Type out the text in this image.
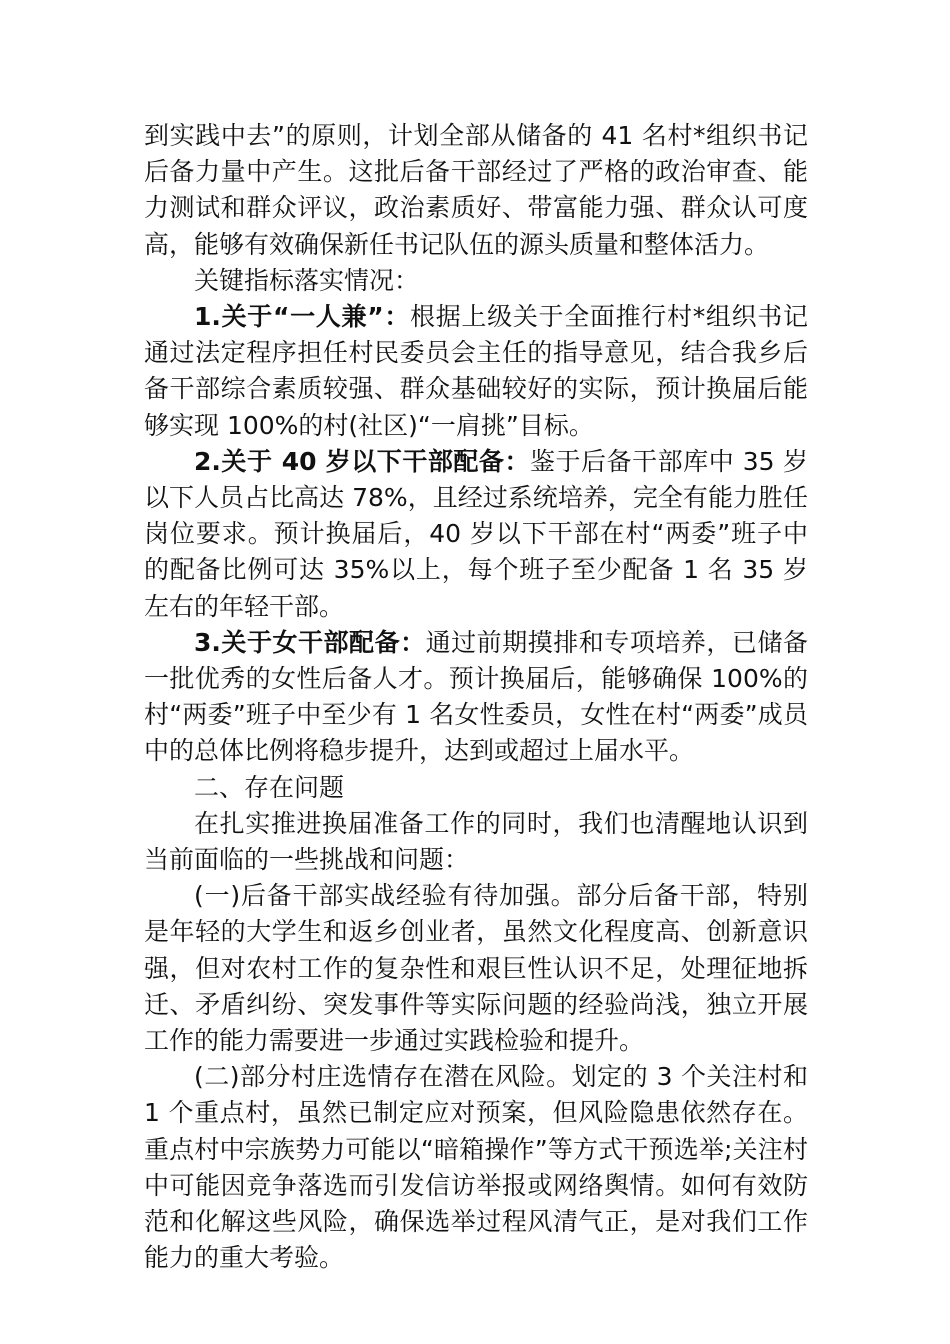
到实践中去”的原则，计划全部从储备的 41 名村*组织书记后备力量中产生。这批后备干部经过了严格的政治审查、能力测试和群众评议，政治素质好、带富能力强、群众认可度高，能够有效确保新任书记队伍的源头质量和整体活力。

关键指标落实情况：

1.关于“一人兼”：根据上级关于全面推行村*组织书记通过法定程序担任村民委员会主任的指导意见，结合我乡后备干部综合素质较强、群众基础较好的实际，预计换届后能够实现 100%的村(社区)“一肩挑”目标。

2.关于 40 岁以下干部配备：鉴于后备干部库中 35 岁以下人员占比高达 78%，且经过系统培养，完全有能力胜任岗位要求。预计换届后，40 岁以下干部在村“两委”班子中的配备比例可达 35%以上，每个班子至少配备 1 名 35 岁左右的年轻干部。

3.关于女干部配备：通过前期摸排和专项培养，已储备一批优秀的女性后备人才。预计换届后，能够确保 100%的村“两委”班子中至少有 1 名女性委员，女性在村“两委”成员中的总体比例将稳步提升，达到或超过上届水平。

二、存在问题

在扎实推进换届准备工作的同时，我们也清醒地认识到当前面临的一些挑战和问题：

(一)后备干部实战经验有待加强。部分后备干部，特别是年轻的大学生和返乡创业者，虽然文化程度高、创新意识强，但对农村工作的复杂性和艰巨性认识不足，处理征地拆迁、矛盾纠纷、突发事件等实际问题的经验尚浅，独立开展工作的能力需要进一步通过实践检验和提升。

(二)部分村庄选情存在潜在风险。划定的 3 个关注村和 1 个重点村，虽然已制定应对预案，但风险隐患依然存在。重点村中宗族势力可能以“暗箱操作”等方式干预选举;关注村中可能因竞争落选而引发信访举报或网络舆情。如何有效防范和化解这些风险，确保选举过程风清气正，是对我们工作能力的重大考验。
